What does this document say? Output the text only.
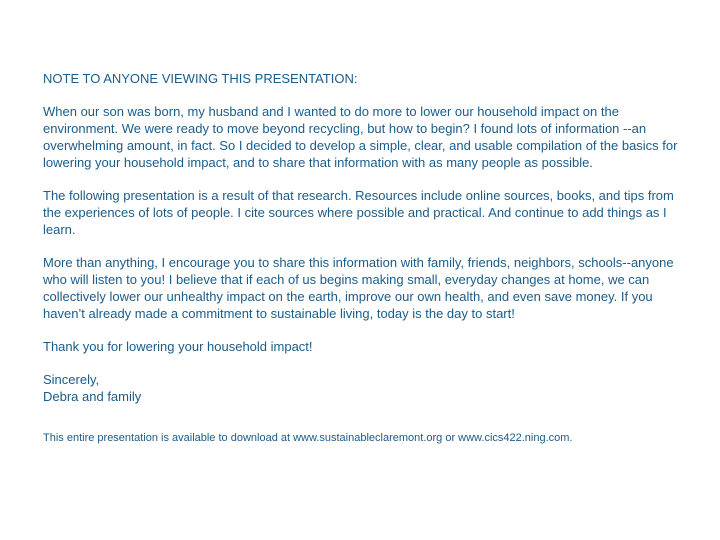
NOTE TO ANYONE VIEWING THIS PRESENTATION:

When our son was born, my husband and I wanted to do more to lower our household impact on the environment. We were ready to move beyond recycling, but how to begin? I found lots of information --an overwhelming amount, in fact. So I decided to develop a simple, clear, and usable compilation of the basics for lowering your household impact, and to share that information with as many people as possible.

The following presentation is a result of that research. Resources include online sources, books, and tips from the experiences of lots of people. I cite sources where possible and practical. And continue to add things as I learn.

More than anything, I encourage you to share this information with family, friends, neighbors, schools--anyone who will listen to you! I believe that if each of us begins making small, everyday changes at home, we can collectively lower our unhealthy impact on the earth, improve our own health, and even save money. If you haven’t already made a commitment to sustainable living, today is the day to start!

Thank you for lowering your household impact!

Sincerely,

Debra and family

This entire presentation is available to download at www.sustainableclaremont.org or www.cics422.ning.com.
